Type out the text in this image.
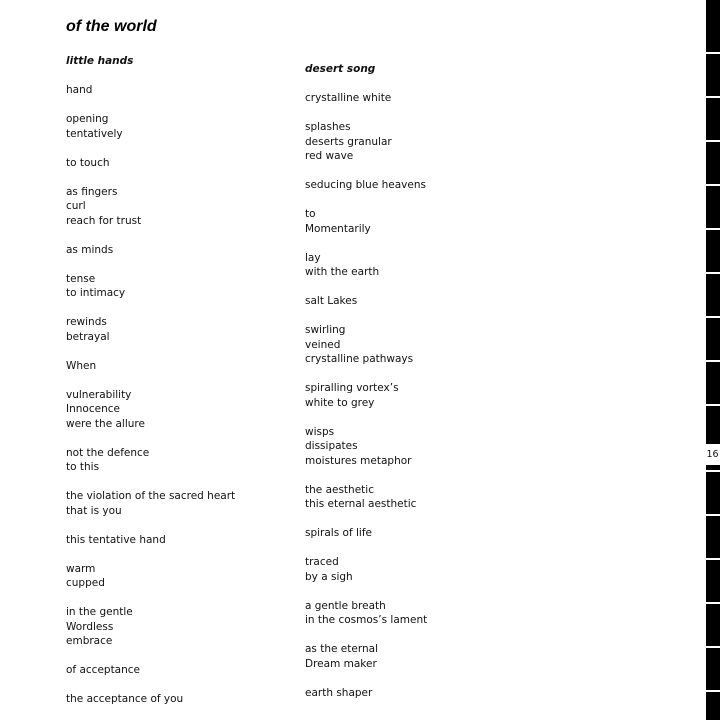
of the world
little hands
hand
opening
tentatively
to touch
as fingers
curl
reach for trust
as minds
tense
to intimacy
rewinds
betrayal
When
vulnerability
Innocence
were the allure
not the defence
to this
the violation of the sacred heart
that is you
this tentative hand
warm
cupped
in the gentle
Wordless
embrace
of acceptance
the acceptance of you
desert song
crystalline white
splashes
deserts granular
red wave
seducing blue heavens
to
Momentarily
lay
with the earth
salt Lakes
swirling
veined
crystalline pathways
spiralling vortex’s
white to grey
wisps
dissipates
moistures metaphor
the aesthetic
this eternal aesthetic
spirals of life
traced
by a sigh
a gentle breath
in the cosmos’s lament
as the eternal
Dream maker
earth shaper
16
